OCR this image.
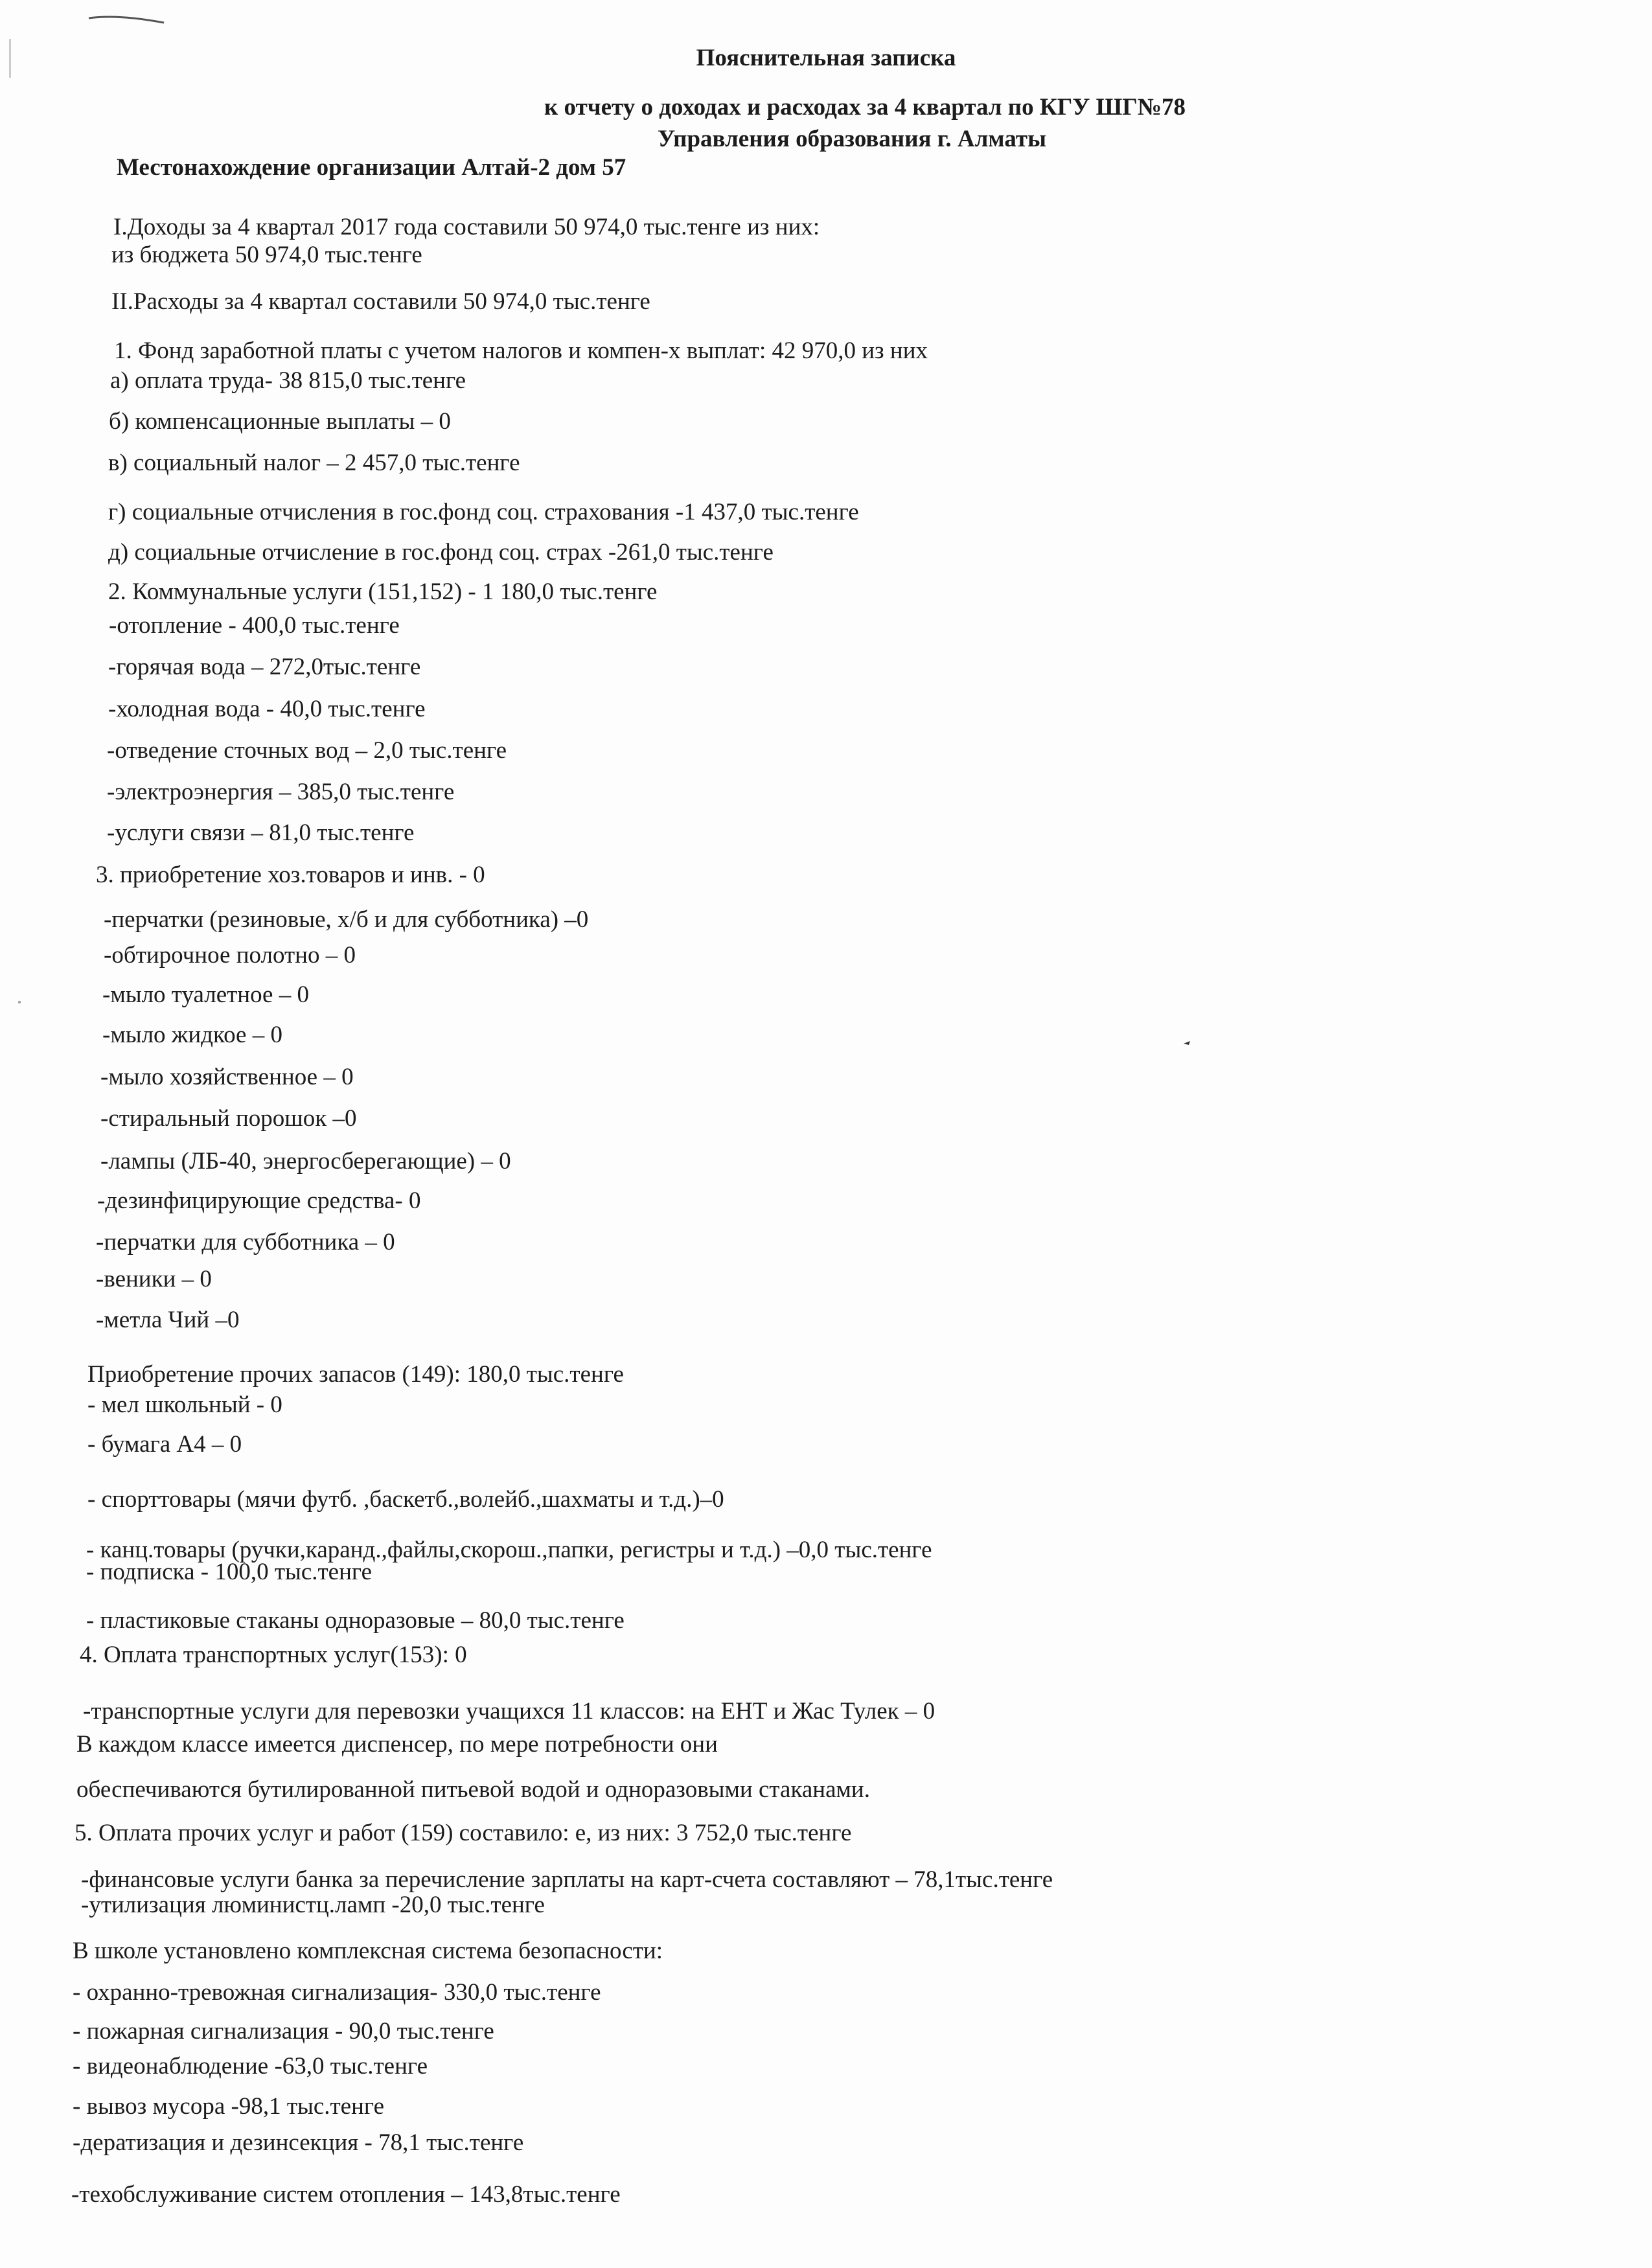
Пояснительная записка
к отчету о доходах и расходах за 4 квартал по КГУ ШГ№78
Управления образования г. Алматы
Местонахождение организации Алтай-2 дом 57
I.Доходы за 4 квартал 2017 года составили 50 974,0 тыс.тенге из них:
из бюджета 50 974,0 тыс.тенге
II.Расходы за 4 квартал составили 50 974,0 тыс.тенге
1. Фонд заработной платы с учетом налогов и компен-х выплат: 42 970,0 из них
а) оплата труда- 38 815,0 тыс.тенге
б) компенсационные выплаты – 0
в) социальный налог – 2 457,0 тыс.тенге
г) социальные отчисления в гос.фонд соц. страхования -1 437,0 тыс.тенге
д) социальные отчисление в гос.фонд соц. страх -261,0 тыс.тенге
2. Коммунальные услуги (151,152) - 1 180,0 тыс.тенге
-отопление - 400,0 тыс.тенге
-горячая вода – 272,0тыс.тенге
-холодная вода - 40,0 тыс.тенге
-отведение сточных вод – 2,0 тыс.тенге
-электроэнергия – 385,0 тыс.тенге
-услуги связи – 81,0 тыс.тенге
3. приобретение хоз.товаров и инв. - 0
-перчатки (резиновые, х/б и для субботника) –0
-обтирочное полотно – 0
-мыло туалетное – 0
-мыло жидкое – 0
-мыло хозяйственное – 0
-стиральный порошок –0
-лампы (ЛБ-40, энергосберегающие) – 0
-дезинфицирующие средства- 0
-перчатки для субботника – 0
-веники – 0
-метла Чий –0
Приобретение прочих запасов (149): 180,0 тыс.тенге
- мел школьный - 0
- бумага А4 – 0
- спорттовары (мячи футб. ,баскетб.,волейб.,шахматы и т.д.)–0
- канц.товары (ручки,каранд.,файлы,скорош.,папки, регистры и т.д.) –0,0 тыс.тенге
- подписка - 100,0 тыс.тенге
- пластиковые стаканы одноразовые – 80,0 тыс.тенге
4. Оплата транспортных услуг(153): 0
-транспортные услуги для перевозки учащихся 11 классов: на ЕНТ и Жас Тулек – 0
В каждом классе имеется диспенсер, по мере потребности они
обеспечиваются бутилированной питьевой водой и одноразовыми стаканами.
5. Оплата прочих услуг и работ (159) составило: е, из них: 3 752,0 тыс.тенге
-финансовые услуги банка за перечисление зарплаты на карт-счета составляют – 78,1тыс.тенге
-утилизация люминистц.ламп -20,0 тыс.тенге
В школе установлено комплексная система безопасности:
- охранно-тревожная сигнализация- 330,0 тыс.тенге
- пожарная сигнализация - 90,0 тыс.тенге
- видеонаблюдение -63,0 тыс.тенге
- вывоз мусора -98,1 тыс.тенге
-дератизация и дезинсекция - 78,1 тыс.тенге
-техобслуживание систем отопления – 143,8тыс.тенге
